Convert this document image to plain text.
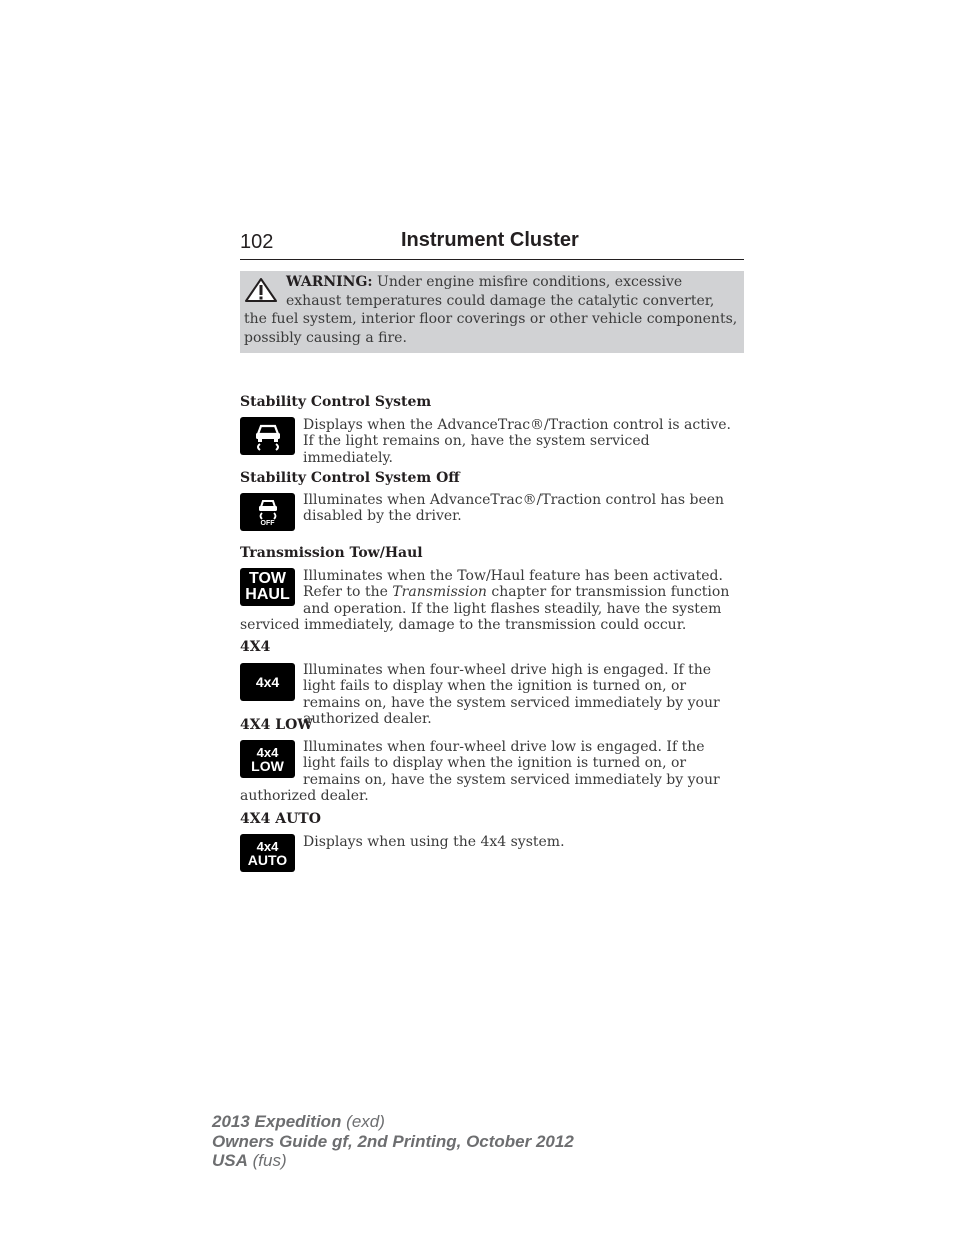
102	Instrument Cluster
WARNING: Under engine misfire conditions, excessive exhaust temperatures could damage the catalytic converter, the fuel system, interior floor coverings or other vehicle components, possibly causing a fire.
Stability Control System
Displays when the AdvanceTrac®/Traction control is active. If the light remains on, have the system serviced immediately.
Stability Control System Off
OFF
Illuminates when AdvanceTrac®/Traction control has been disabled by the driver.
Transmission Tow/Haul
TOW
HAUL
Illuminates when the Tow/Haul feature has been activated. Refer to the Transmission chapter for transmission function and operation. If the light flashes steadily, have the system serviced immediately, damage to the transmission could occur.
4X4
4x4
Illuminates when four-wheel drive high is engaged. If the light fails to display when the ignition is turned on, or remains on, have the system serviced immediately by your authorized dealer.
4X4 LOW
4x4
LOW
Illuminates when four-wheel drive low is engaged. If the light fails to display when the ignition is turned on, or remains on, have the system serviced immediately by your authorized dealer.
4X4 AUTO
4x4
AUTO
Displays when using the 4x4 system.
2013 Expedition (exd)
Owners Guide gf, 2nd Printing, October 2012
USA (fus)
